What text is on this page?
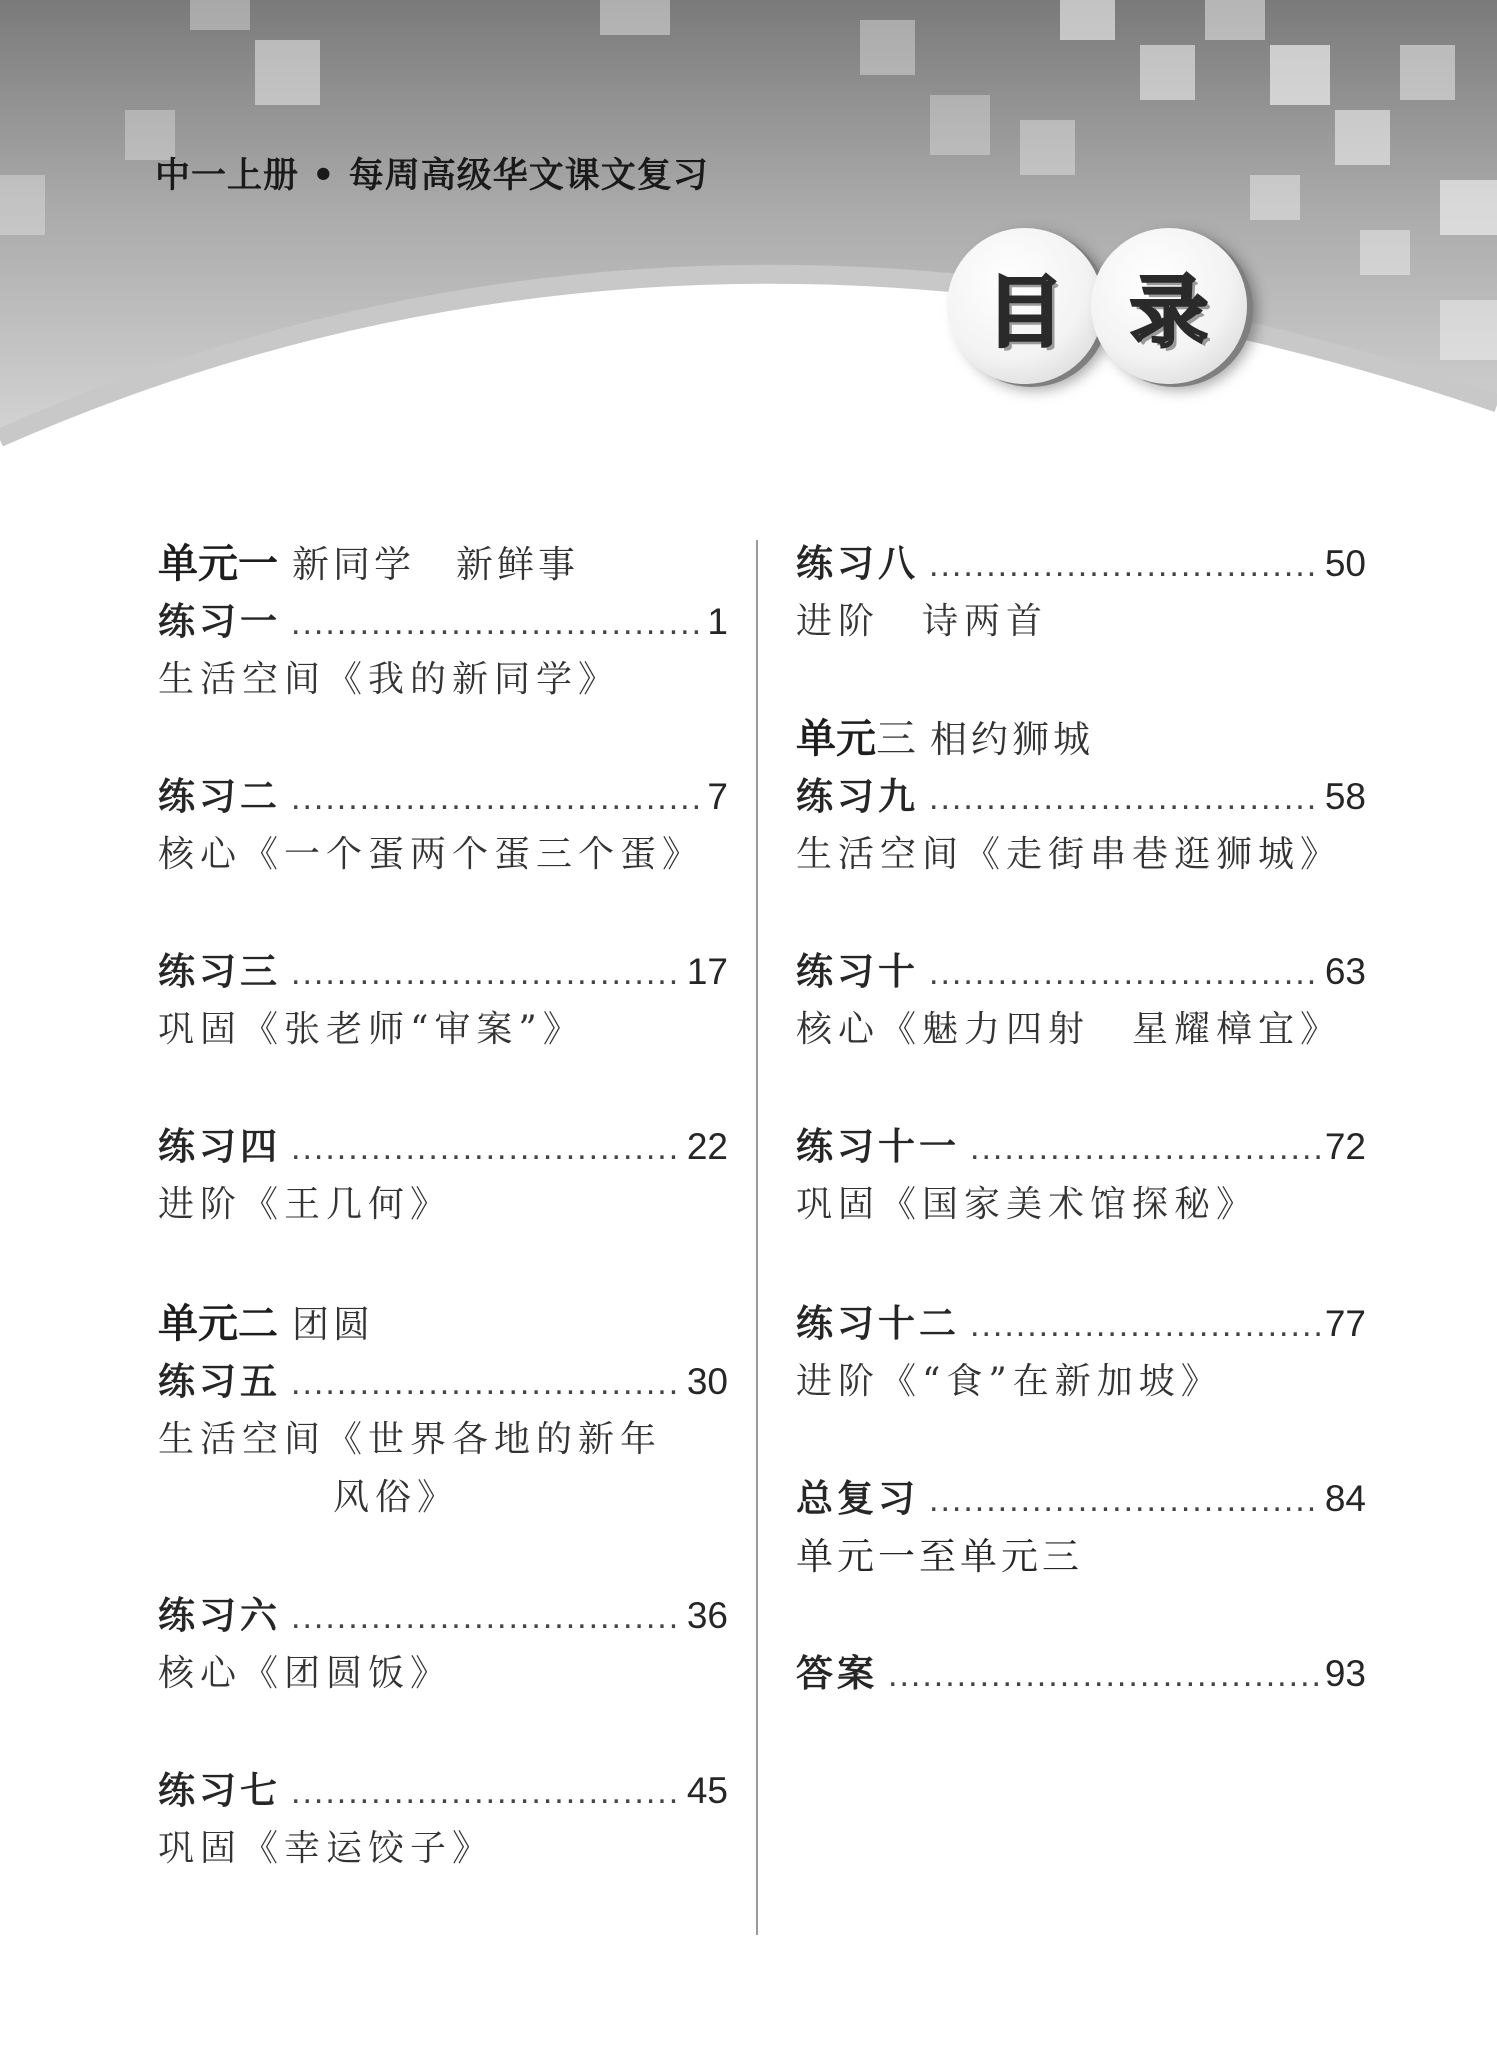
中一上册 • 每周高级华文课文复习
目 录
单元一 新同学　新鲜事
练习一 .....	1
生活空间《我的新同学》
练习二 .....	7
核心《一个蛋两个蛋三个蛋》
练习三 .....	17
巩固《张老师“审案”》
练习四 .....	22
进阶《王几何》
单元二 团圆
练习五 .....	30
生活空间《世界各地的新年
风俗》
练习六 .....	36
核心《团圆饭》
练习七 .....	45
巩固《幸运饺子》
练习八 .....	50
进阶　诗两首
单元三 相约狮城
练习九 .....	58
生活空间《走街串巷逛狮城》
练习十 .....	63
核心《魅力四射　星耀樟宜》
练习十一 .....	72
巩固《国家美术馆探秘》
练习十二 .....	77
进阶《“食”在新加坡》
总复习 .....	84
单元一至单元三
答案 .....	93
